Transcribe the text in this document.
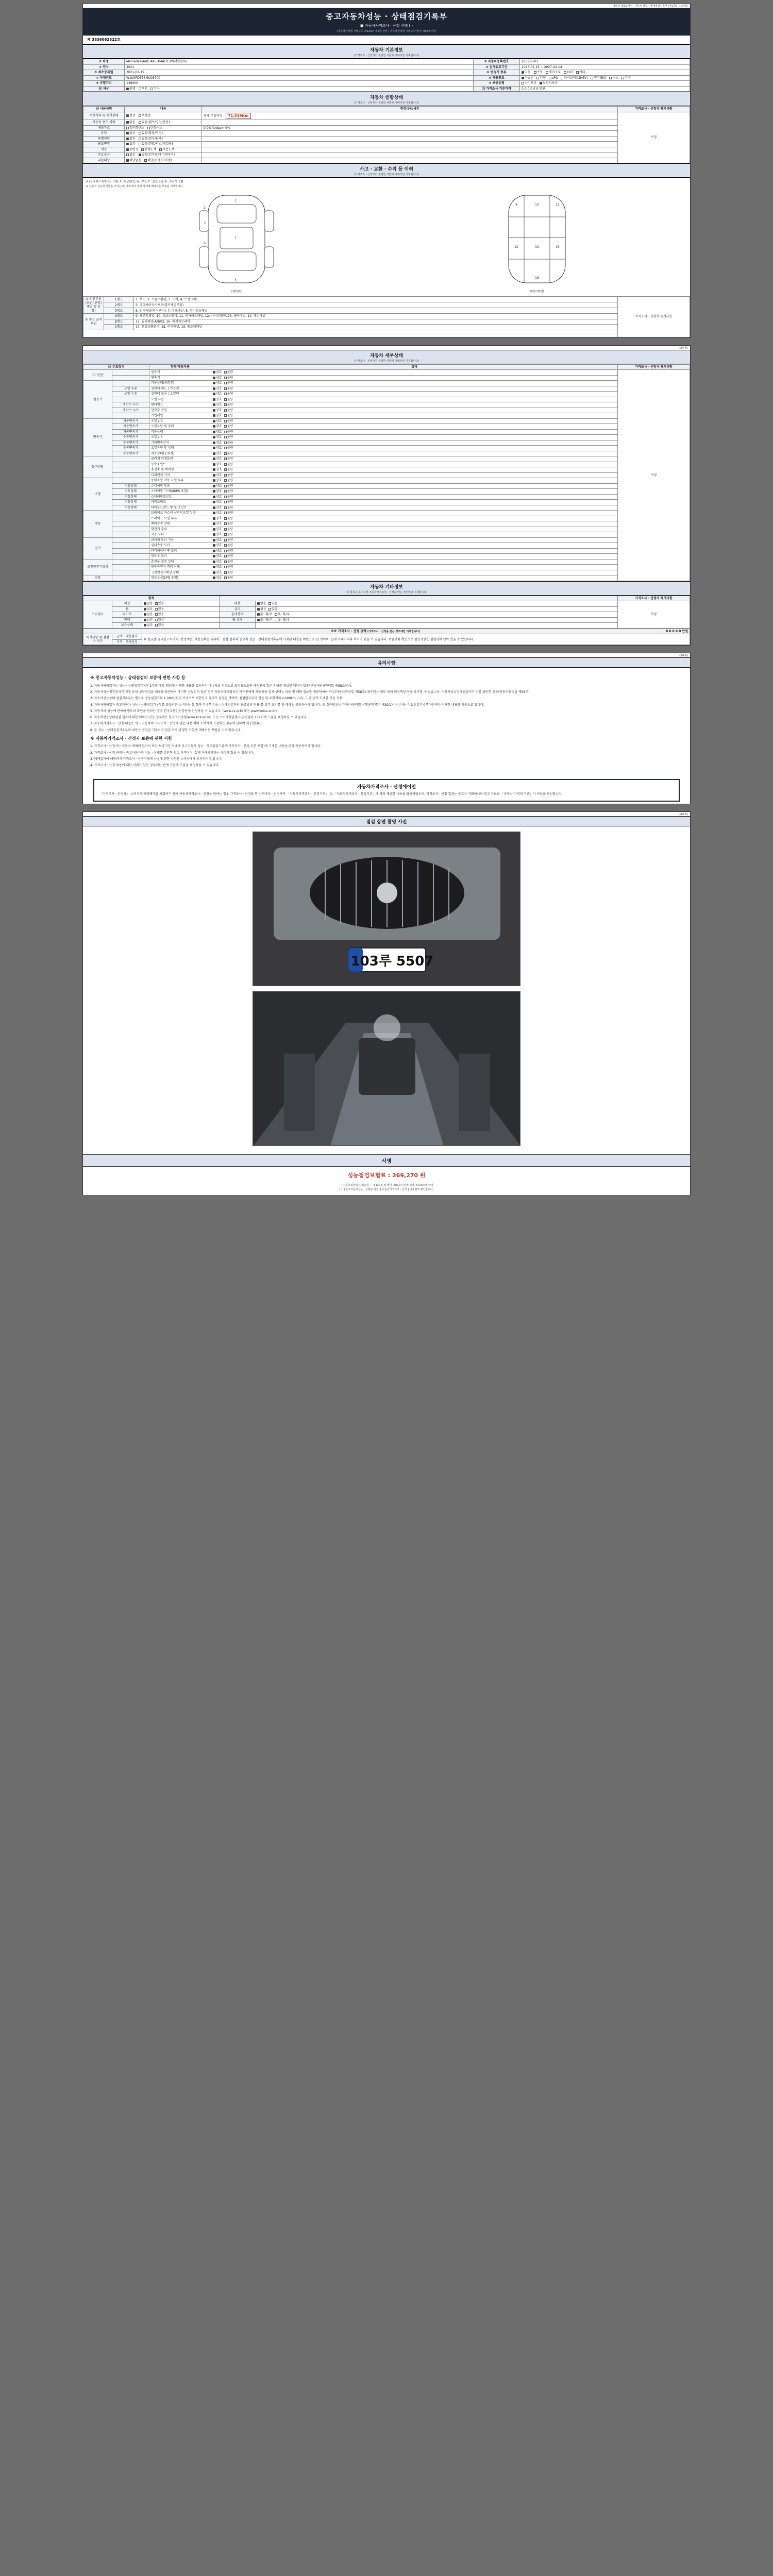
[별지 제3호서식] 자동차 성능ㆍ상태점검기록부 (제1쪽) (1/4쪽)
중고자동차성능 · 상태점검기록부
■ 자동차가격조사 · 산정 선택 ( )
(자동차관리법 시행규칙 제120조 제1항 관련 / 자동차관리법 시행규칙 별지 제82호서식)
제 3836062822호
자동차 기본정보
(가격조사 · 산정자가 점검한 사항에 대해서만 기재합니다)
① 차명	Mercedes-AMG A45 4MATIC (바레인블루)	② 자동차등록번호	103러6507
③ 연식	2021	④ 검사유효기간	2025-02-15 ~ 2027-02-14
⑤ 최초등록일	2021-02-15	⑥ 변속기 종류	자동 수동 세미오토 CVT 기타
⑦ 차대번호	W1K0PDEB6MU08700	⑧ 사용연료	가솔린 디젤 LPG 하이브리드(HEV) 전기(EV) 수소 기타
⑨ 주행거리	139000	⑩ 보증유형	자기보증 보험사보증
⑪ 색상	원색 투톤 기타	⑫ 가격조사 기준가격	0 0 0 0 0 0 만원
자동차 종합상태
(가격조사 · 산정자가 점검한 사항에 대해서만 기재합니다)
⑬ 사용이력	내용	점검내용/세부	가격조사 · 산정자 특기사항
주행거리 및 계기상태	정상 부정상	현재 주행거리 : 71,539Km	적정
자동차 용도 이력	없음 있음(렌트/영업/관용)		
배출가스	일산화탄소 탄화수소	0.0% 0.0ppm 0%	
튜닝	없음 있음(불법/적법)		
특별이력	없음 있음(침수/화재)		
용도변경	없음 있음(렌트/리스/영업용)		
색상	무변경 전체도색 부분도색		
주요옵션	없음 있음(선루프/내비게이션)		
리콜대상	해당없음 해당(이행/미이행)		
사고 · 교환 · 수리 등 이력
(가격조사 · 산정자가 점검한 사항에 대해서만 기재합니다)
※ (상태 표시 방법) ○ : 교환, X : 판금/용접, W : 부식, C : 흠집/긁힘, A : 수리 및 교환
※ 자동차 성능에 영향을 미치는데, 기재 대상 항목 상태에 해당하는 부호를 기재합니다.
1
2
3
6
4
7
상면(윗면)
9	10	11
12	19	13
18
하면(아래면)
① 외판부위 (외판/ 관통/ 패널 등 포함)	1랭크	1. 후드, 2. 프론트펜더, 3. 도어, 4. 트렁크리드	가격조사 · 산정자 특기사항

	2랭크	5. 라디에이터서포트(볼트체결부품)	
	3랭크	6. 쿼터패널(리어펜더), 7. 루프패널, 8. 사이드실패널	
② 주요 골격 부위	A랭크	9. 프론트패널, 10. 크로스멤버, 11. 인사이드패널, 12. 사이드멤버, 13. 휠하우스, 14. 대쉬패널	
	B랭크	15. 필러패널(A/B/C), 16. 패키지트레이	
	C랭크	17. 트렁크플로어, 18. 리어패널, 19. 플로어패널	

(2/4쪽)
자동차 세부상태
(가격조사 · 산정자가 점검한 사항에 대해서만 기재합니다)
⑭ 주요장치		항목/해당부품	상태	가격조사 · 산정자 특기사항
자기진단		원동기	양호 불량	적정
		변속기	양호 불량	
원동기		작동상태(공회전)	양호 불량	
	오일 누유	실린더 헤드 / 가스켓	양호 불량	
	오일 누유	실린더 블록 / 오일팬	양호 불량	
		오일 유량	양호 불량	
	냉각수 누수	워터펌프	양호 불량	
	냉각수 누수	냉각수 수량	양호 불량	
		커먼레일	양호 불량	
변속기	자동변속기	오일누유	양호 불량	
	자동변속기	오일유량 및 상태	양호 불량	
	자동변속기	작동상태	양호 불량	
	수동변속기	오일누유	양호 불량	
	수동변속기	기어변속장치	양호 불량	
	수동변속기	오일유량 및 상태	양호 불량	
	수동변속기	작동상태(공회전)	양호 불량	
동력전달		클러치 어셈블리	양호 불량	
		등속조인트	양호 불량	
		추진축 및 베어링	양호 불량	
		디퍼렌셜 기어	양호 불량	
조향		동력조향 작동 오일 누유	양호 불량	
	작동상태	스티어링 펌프	양호 불량	
	작동상태	스티어링 기어(MDPS 포함)	양호 불량	
	작동상태	스티어링조인트	양호 불량	
	작동상태	파워크랭크	양호 불량	
	작동상태	타이로드엔드 및 볼 조인트	양호 불량	
제동		브레이크 마스터 실린더오일 누유	양호 불량	
		브레이크 오일 누유	양호 불량	
		배력장치 상태	양호 불량	
		발전기 출력	양호 불량	
		시동 모터	양호 불량	
전기		와이퍼 모터 기능	양호 불량	
		실내송풍 모터	양호 불량	
		라디에이터 팬 모터	양호 불량	
		윈도우 모터	양호 불량	
고전원전기장치		충전구 절연 상태	양호 불량	
		구동축전지 격리 상태	양호 불량	
		고전원전기배선 상태	양호 불량	
연료		연료누설(LPG 포함)	양호 불량	
자동차 기타정보
(⑮ 항목은 용어사전 자동차가격조사 · 산정을 받는 경우에만 기재합니다)
항목					가격조사 · 산정자 특기사항
수리필요	외장	없음 있음	내장	없음 있음	적정
	휠	없음 있음	유리	없음 있음	
	타이어	없음 있음	윤내상태	前: 좌/우 後: 좌/우	
	광택	없음 있음	휠 상태	前: 좌/우 後: 좌/우	
	보유상태	없음 있음			
※※ 가격조사 · 산정 금액 (가격조사 · 산정을 받는 경우에만 기재합니다)	0 0 0 0 0 만원

특기사항 및 점검자 의견	금액 · 내용검사	※ 평균값(국내중고차가격) 산정액은, 차량등록증 리뷰어 · 점검 결과와 중고차 성능 · 상태점검기록부에 기재된 내용을 바탕으로 한 것이며, 실제 거래가격과 차이가 있을 수 있습니다. 보험이력 확인으로 검증사항은 점검자에 남아 있을 수 있습니다.
가격 · 조사산정
(3/4쪽)
유의사항
※ 중고자동차성능 · 상태점검의 보증에 관한 사항 등

1. 자동차매매업자는 성능 · 상태점검기록부 1부를 매도 제외에 기재한 내용을 교지하지 아니하고 거짓으로 교지됨으로써 매수인이 입은 손해를 배상할 책임이 있습니다(자동차관리법 제58조의4).

2. 자동차성능점검장치가 거짓 등의 성능점검을 내용을 확인하여 대비한 성능인지 않은 경우 자동차매매업자는 매수인에게 자동차의 실제 상태는 내용 및 해당 정보를 제공하여야 하고(자동차관리법 제58조) 매수인은 매도 외의 배상책임 등을 요구할 수 있습니다. 자동차성능상태점검자가 이를 위반한 경우(자동차관리법 제58조)

3. 자동차성능상태 점검기록부는 별도로 성능점검기록 1,000만원의 보증으로 대한민국 정부가 설정된 것이며, 점검일로부터 건물 및 주행거리 2,000km 이내, 그 중 먼저 도래한 것을 적용.

4. 자동차매매업자 중고자동차 성능 · 상태점검기록부를 발급받은 소비자는 동 항목 기록부(성능 · 상태점검자의 보증범위 적용)를 교부 교지를 할 때에는 교지하여야 합니다. 동 실증범위는 '자동차관리법 시행규칙 별지 제82호서식'(이하 '성능점검기록부')에 따라 기재한 내용을 기준으로 합니다.

5. 자동차의 성능에 관하여 별도의 확인을 원하는 경우 한국교통안전공단에 신청하실 수 있습니다. (www.cs.or.kr 또는 www.kotsa.or.kr)

6. 자동차성능상태점검 결과에 대한 이의가 있는 경우에는 한국소비자원(www.kca.go.kr) 또는 소비자상담센터(국번없이 1372)에 도움을 요청하실 수 있습니다.

7. 자동차가격조사 · 산정 내용은 '중고자동차의 가격조사 · 산정에 관한 내용'이며 소비자가 요청하는 경우에 한하여 제공합니다.

8. 본 성능 · 상태점검기록부의 내용은 점검일 기준이며 점검 이후 발생한 사항에 대해서는 책임을 지지 않습니다.

※ 자동차가격조사 · 산정자 보증에 관한 사항

1. 가격조사 · 산정자는 자동차 매매에 있어서 또는 보증기간 이내에 중고자동차 성능 · 상태점검기록부(가격조사 · 산정 부분 포함)에 기재한 내용을 따라 제공하여야 합니다.

2. 가격조사 · 산정 금액은 중고자동차의 성능 · 상태를 감안한 참고 가격이며, 실제 거래가격과는 차이가 있을 수 있습니다.

3. 매매업자에 해당되지 가격조사 · 산정자에게 사실에 관한 사항은 소비자에게 고지하여야 합니다.

4. 가격조사 · 산정 내용에 대한 이의가 있는 경우에는 관계 기관에 도움을 요청하실 수 있습니다.

자동차가격조사 · 산정에이언
「가격조사 · 산정자」 소비자가 매매계약을 체결하기 전에 자동차가격조사 · 산정을 원하는 경우 가격조사 · 산정을 한 가격조사 · 산정자가 「자동차가격조사 · 산정가격」 및 「자동차가격조사 · 산정기준」에 따라 제공한 내용을 확인하였으며, 가격조사 · 산정 결과는 중고차 거래에서의 참고 자료로 「자동차 가격의 기준」이 아님을 확인합니다.
(4/4쪽)
점검 장면 촬영 사진
103루 5507
서명
성능점검보험료 : 269,270 원
「 자동차관리법 시행규칙 」 제120조 및 별지 제82호서식에 따라 제120조에 따라
[ 1 ] 중고자동차성능 · 상태를 점검, [ 자동차가격조사 · 산정 ] 내용검토 확인합니다.
